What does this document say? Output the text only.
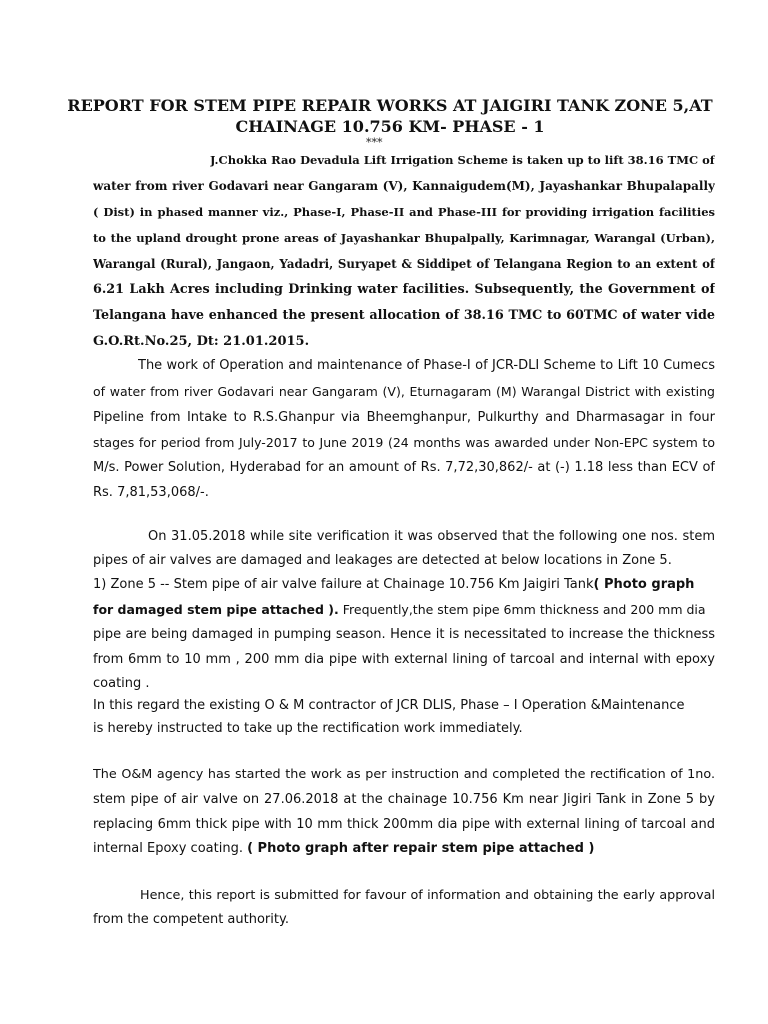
REPORT FOR STEM PIPE REPAIR WORKS AT JAIGIRI TANK ZONE 5,AT
CHAINAGE 10.756 KM- PHASE - 1
***

J.Chokka Rao Devadula Lift Irrigation Scheme is taken up to lift 38.16 TMC of

water from river Godavari near Gangaram (V), Kannaigudem(M), Jayashankar Bhupalapally

( Dist) in phased manner viz., Phase-I, Phase-II and Phase-III for providing irrigation facilities

to the upland drought prone areas of Jayashankar Bhupalpally, Karimnagar, Warangal (Urban),

Warangal (Rural), Jangaon, Yadadri, Suryapet & Siddipet of Telangana Region to an extent of

6.21 Lakh Acres including Drinking water facilities. Subsequently, the Government of

Telangana have enhanced the present allocation of 38.16 TMC to 60TMC of water vide

G.O.Rt.No.25, Dt: 21.01.2015.

The work of Operation and maintenance of Phase-I of JCR-DLI Scheme to Lift 10 Cumecs

of water from river Godavari near Gangaram (V), Eturnagaram (M) Warangal District with existing

Pipeline from Intake to R.S.Ghanpur via Bheemghanpur, Pulkurthy and Dharmasagar in four

stages for period from July-2017 to June 2019 (24 months was awarded under Non-EPC system to

M/s. Power Solution, Hyderabad for an amount of Rs. 7,72,30,862/- at (-) 1.18 less than ECV of

Rs. 7,81,53,068/-.

On 31.05.2018 while site verification it was observed that the following one nos. stem

pipes of air valves are damaged and leakages are detected at below locations in Zone 5.

1) Zone 5 -- Stem pipe of air valve failure at Chainage 10.756 Km Jaigiri Tank( Photo graph

for damaged stem pipe attached ). Frequently,the stem pipe 6mm thickness and 200 mm dia

pipe are being damaged in pumping season. Hence it is necessitated to increase the thickness

from 6mm to 10 mm , 200 mm dia pipe with external lining of tarcoal and internal with epoxy

coating .

In this regard the existing O & M contractor of JCR DLIS, Phase – I Operation &Maintenance

is hereby instructed to take up the rectification work immediately.

The O&M agency has started the work as per instruction and completed the rectification of 1no.

stem pipe of air valve on 27.06.2018 at the chainage 10.756 Km near Jigiri Tank in Zone 5 by

replacing 6mm thick pipe with 10 mm thick 200mm dia pipe with external lining of tarcoal and

internal Epoxy coating. ( Photo graph after repair stem pipe attached )

Hence, this report is submitted for favour of information and obtaining the early approval

from the competent authority.
